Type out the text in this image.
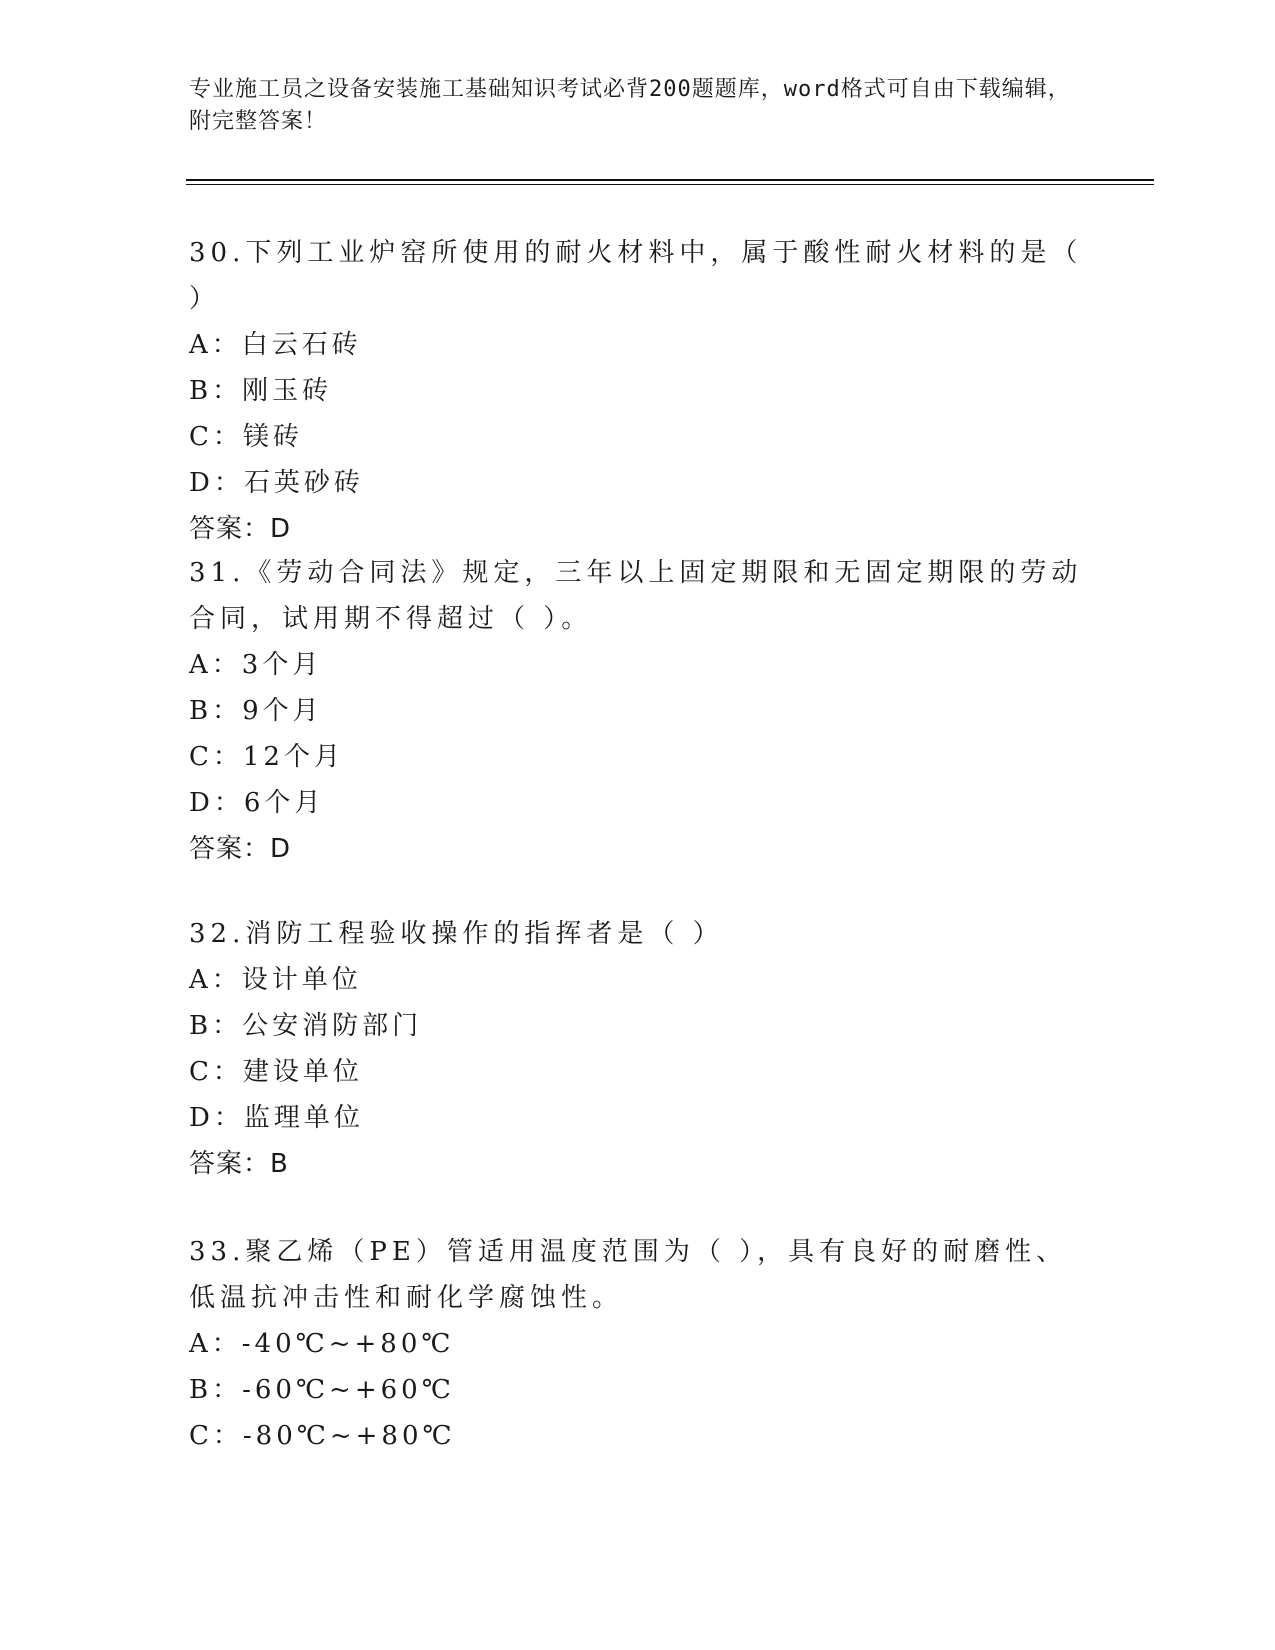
专业施工员之设备安装施工基础知识考试必背200题题库，word格式可自由下载编辑，附完整答案！

30.下列工业炉窑所使用的耐火材料中，属于酸性耐火材料的是（ ）

A：白云石砖
B：刚玉砖
C：镁砖
D：石英砂砖
答案：D

31.《劳动合同法》规定，三年以上固定期限和无固定期限的劳动合同，试用期不得超过（ ）。

A：3个月
B：9个月
C：12个月
D：6个月
答案：D

32.消防工程验收操作的指挥者是（ ）

A：设计单位
B：公安消防部门
C：建设单位
D：监理单位
答案：B

33.聚乙烯（PE）管适用温度范围为（ ），具有良好的耐磨性、低温抗冲击性和耐化学腐蚀性。

A：-40℃~+80℃
B：-60℃~+60℃
C：-80℃~+80℃
